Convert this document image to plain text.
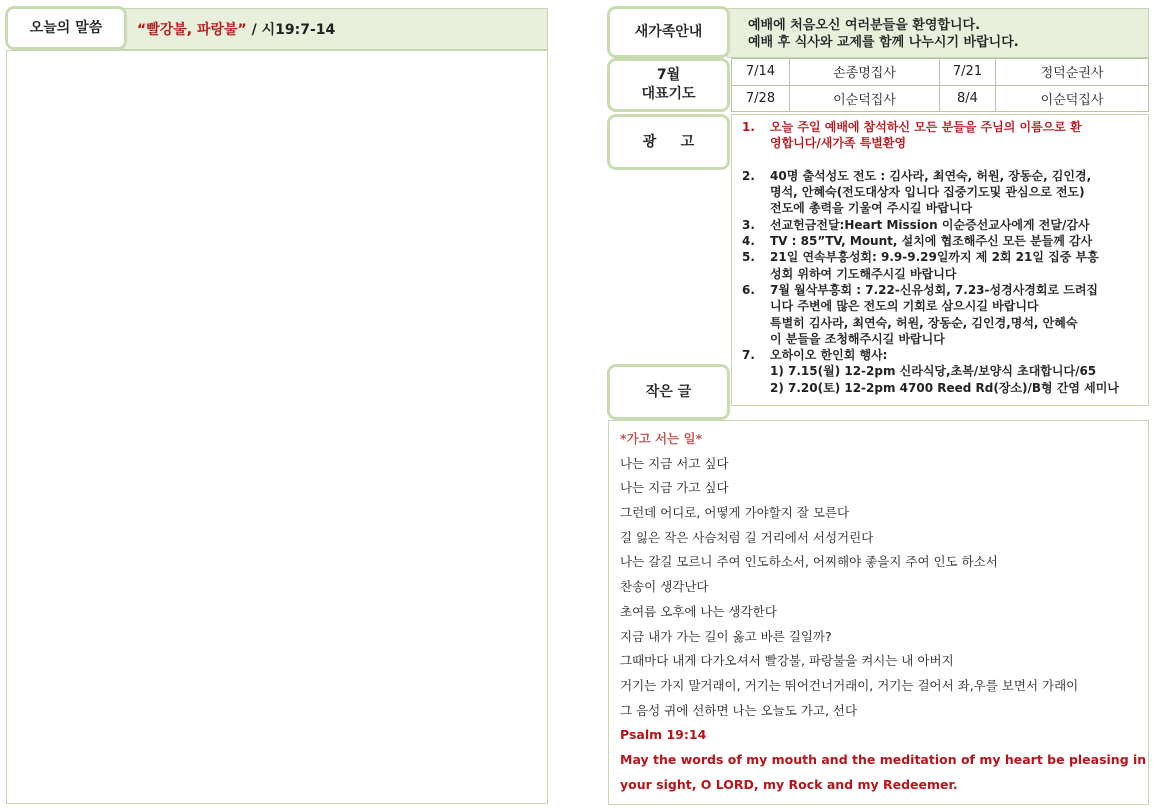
“빨강불, 파랑불” / 시19:7-14
오늘의 말씀	예배에 처음오신 여러분들을 환영합니다.
예배 후 식사와 교제를 함께 나누시기 바랍니다.
새가족안내
7/14	손종명집사	7/21	정덕순권사
7/28	이순덕집사	8/4	이순덕집사
7월
대표기도
1.	오늘 주일 예배에 참석하신 모든 분들을 주님의 이름으로 환
영합니다/새가족 특별환영
2.	40명 출석성도 전도 : 김사라, 최연숙, 허원, 장동순, 김인경,
명석, 안혜숙(전도대상자 입니다 집중기도및 관심으로 전도)
전도에 총력을 기울여 주시길 바랍니다
3.	선교헌금전달:Heart Mission 이순증선교사에게 전달/감사
4.	TV : 85”TV, Mount, 설치에 협조해주신 모든 분들께 감사
5.	21일 연속부흥성회: 9.9-9.29일까지 제 2회 21일 집중 부흥
성회 위하여 기도해주시길 바랍니다
6.	7월 월삭부흥회 : 7.22-신유성회, 7.23-성경사경회로 드려집
니다 주변에 많은 전도의 기회로 삼으시길 바랍니다
특별히 김사라, 최연숙, 허원, 장동순, 김인경,명석, 안혜숙
이 분들을 조청해주시길 바랍니다
7.	오하이오 한인회 행사:
1) 7.15(월) 12-2pm 신라식당,초복/보양식 초대합니다/65
2) 7.20(토) 12-2pm 4700 Reed Rd(장소)/B형 간염 세미나
광     고
작은 글

*가고 서는 일*

나는 지금 서고 싶다

나는 지금 가고 싶다

그런데 어디로, 어떻게 가야할지 잘 모른다

길 잃은 작은 사슴처럼 길 거리에서 서성거린다

나는 갈길 모르니 주여 인도하소서, 어찌해야 좋을지 주여 인도 하소서

찬송이 생각난다

초여름 오후에 나는 생각한다

지금 내가 가는 길이 옳고 바른 길일까?

그때마다 내게 다가오셔서 빨강불, 파랑불을 켜시는 내 아버지

거기는 가지 말거래이, 거기는 뛰어건너거래이, 거기는 걸어서 좌,우를 보면서 가래이

그 음성 귀에 선하면 나는 오늘도 가고, 선다

Psalm 19:14

May the words of my mouth and the meditation of my heart be pleasing in

your sight, O LORD, my Rock and my Redeemer.
